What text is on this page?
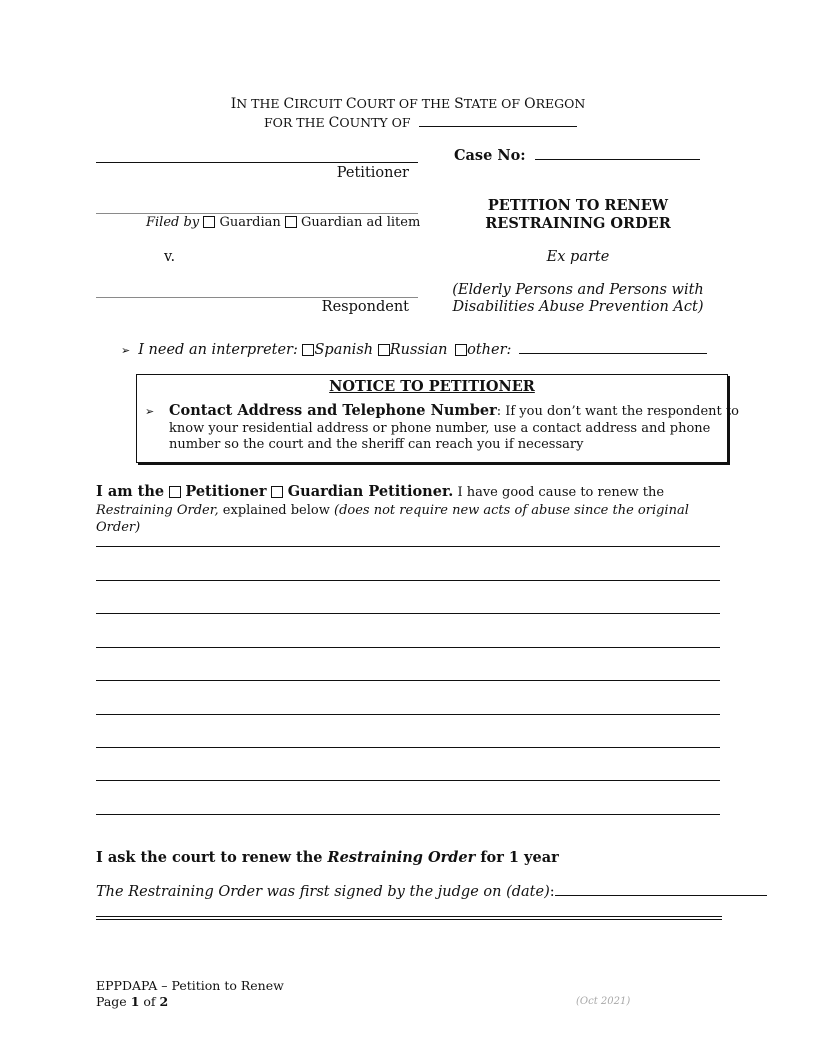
IN THE CIRCUIT COURT OF THE STATE OF OREGON
FOR THE COUNTY OF
Petitioner
Filed by Guardian Guardian ad litem
v.
Respondent
Case No:
PETITION TO RENEW
RESTRAINING ORDER
Ex parte
(Elderly Persons and Persons with
Disabilities Abuse Prevention Act)
➢ I need an interpreter: Spanish Russian other:
NOTICE TO PETITIONER
➢ Contact Address and Telephone Number: If you don’t want the respondent to
know your residential address or phone number, use a contact address and phone
number so the court and the sheriff can reach you if necessary
I am the Petitioner Guardian Petitioner. I have good cause to renew the
Restraining Order, explained below (does not require new acts of abuse since the original
Order)
I ask the court to renew the Restraining Order for 1 year
The Restraining Order was first signed by the judge on (date):
EPPDAPA – Petition to Renew
Page 1 of 2	(Oct 2021)
